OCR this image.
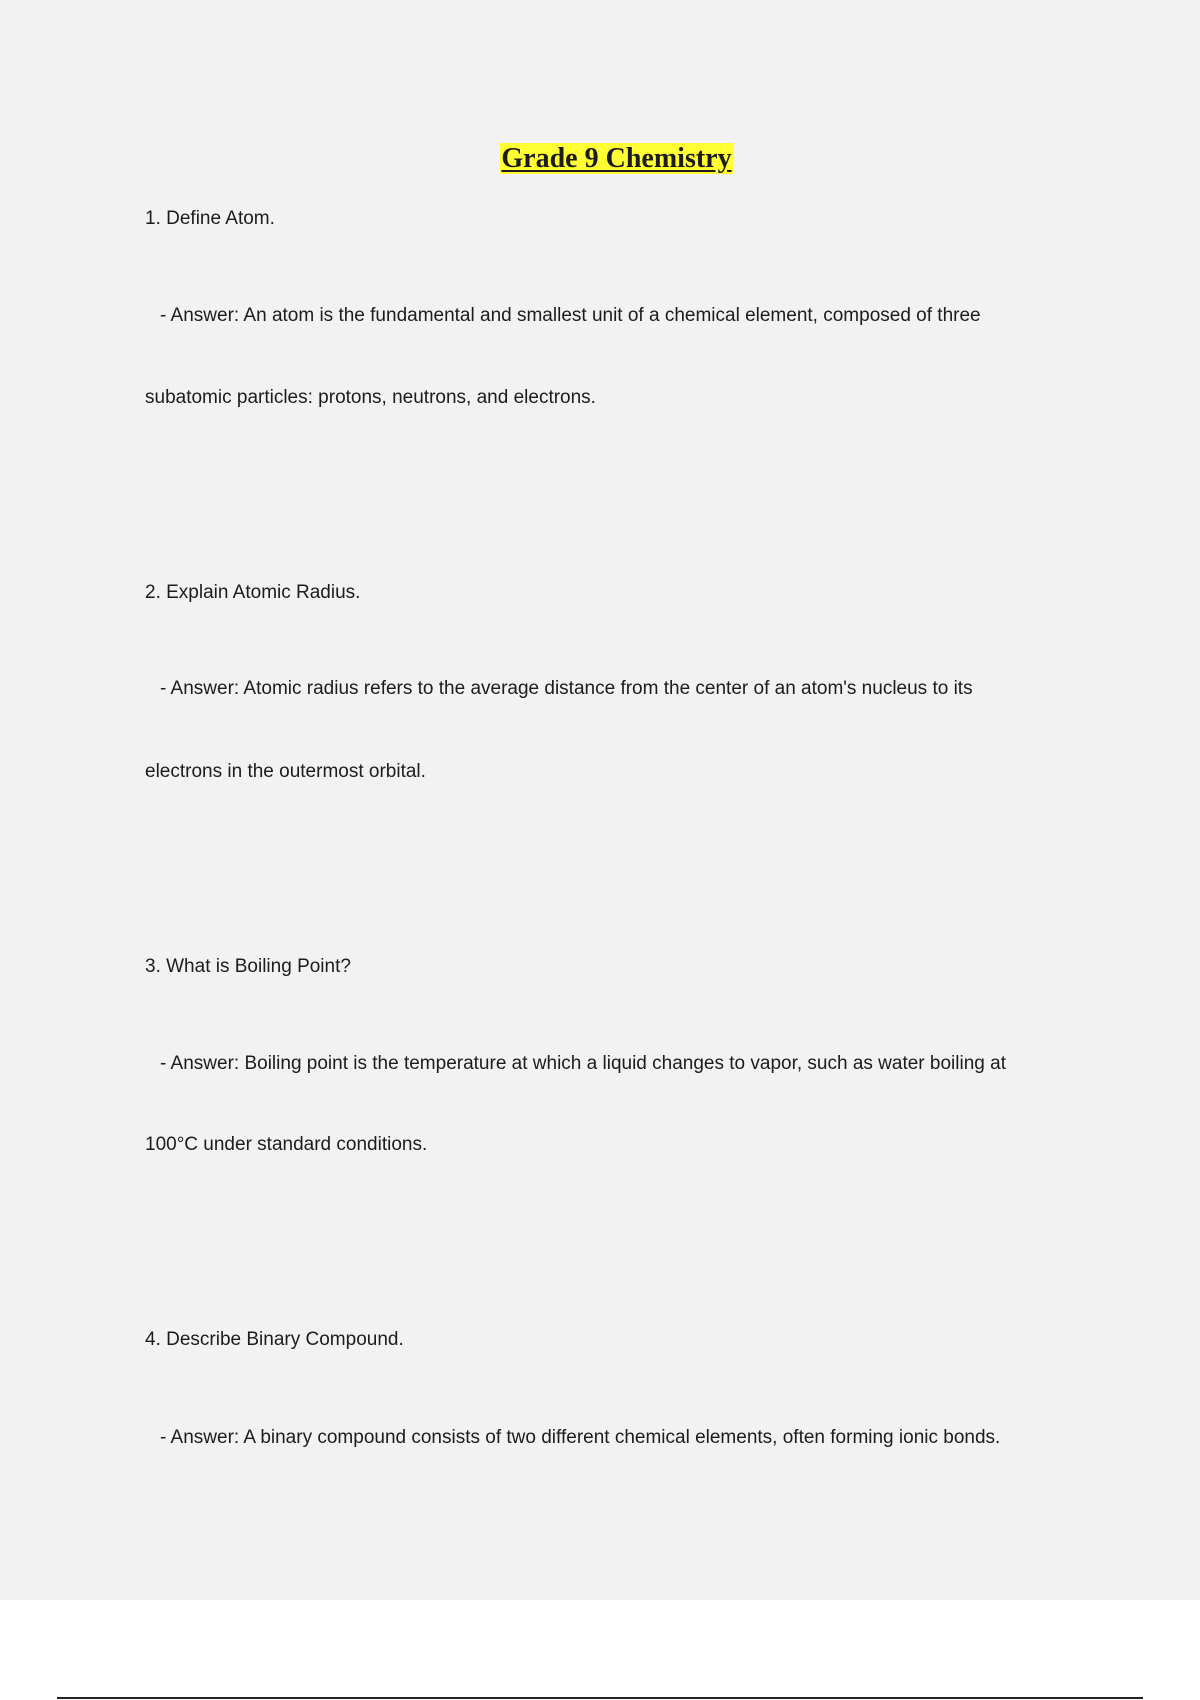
Grade 9 Chemistry

1. Define Atom.

- Answer: An atom is the fundamental and smallest unit of a chemical element, composed of three

subatomic particles: protons, neutrons, and electrons.

2. Explain Atomic Radius.

- Answer: Atomic radius refers to the average distance from the center of an atom's nucleus to its

electrons in the outermost orbital.

3. What is Boiling Point?

- Answer: Boiling point is the temperature at which a liquid changes to vapor, such as water boiling at

100°C under standard conditions.

4. Describe Binary Compound.

- Answer: A binary compound consists of two different chemical elements, often forming ionic bonds.
